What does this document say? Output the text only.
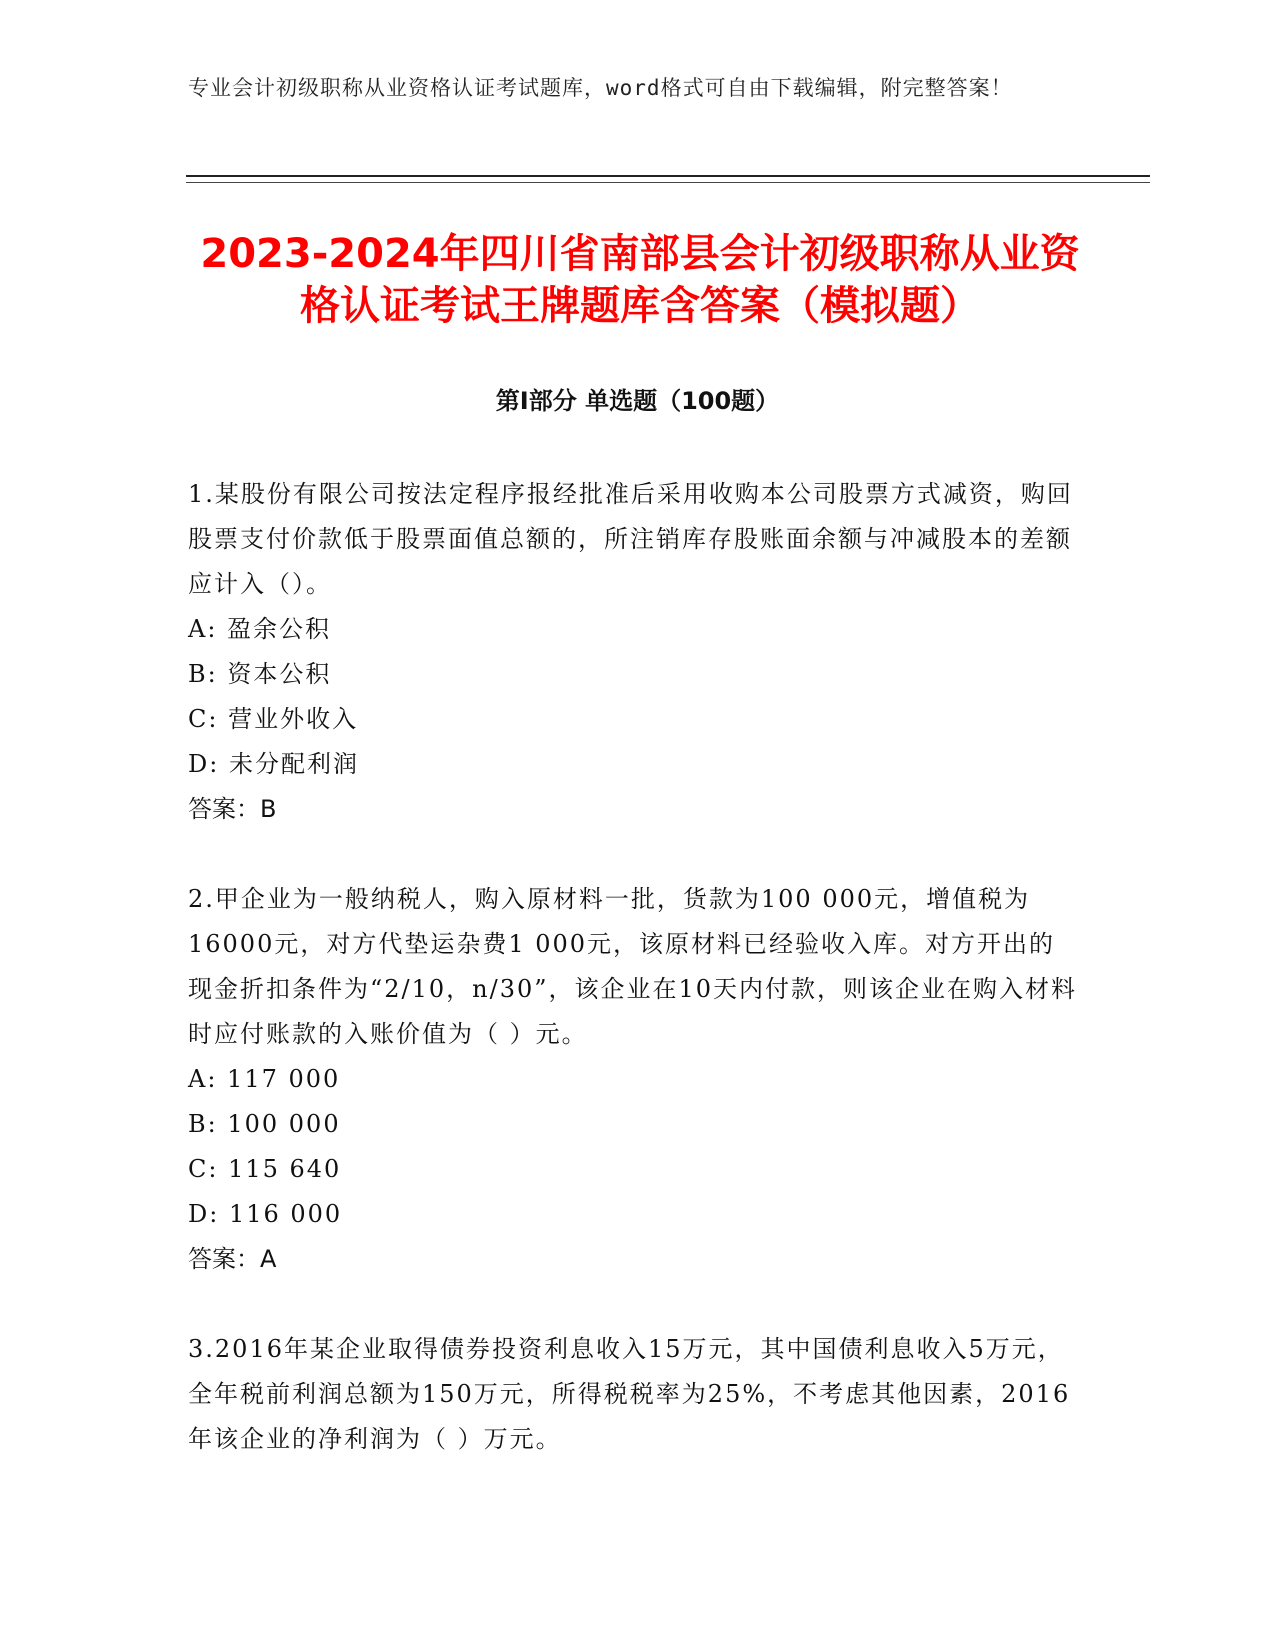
专业会计初级职称从业资格认证考试题库，word格式可自由下载编辑，附完整答案！
2023-2024年四川省南部县会计初级职称从业资格认证考试王牌题库含答案（模拟题）
第Ⅰ部分 单选题（100题）

1.某股份有限公司按法定程序报经批准后采用收购本公司股票方式减资，购回股票支付价款低于股票面值总额的，所注销库存股账面余额与冲减股本的差额应计入（）。

A: 盈余公积

B: 资本公积

C: 营业外收入

D: 未分配利润

答案：B

2.甲企业为一般纳税人，购入原材料一批，货款为100 000元，增值税为16000元，对方代垫运杂费1 000元，该原材料已经验收入库。对方开出的现金折扣条件为“2/10，n/30”，该企业在10天内付款，则该企业在购入材料时应付账款的入账价值为（ ）元。

A: 117 000

B: 100 000

C: 115 640

D: 116 000

答案：A

3.2016年某企业取得债券投资利息收入15万元，其中国债利息收入5万元，全年税前利润总额为150万元，所得税税率为25%，不考虑其他因素，2016年该企业的净利润为（ ）万元。
